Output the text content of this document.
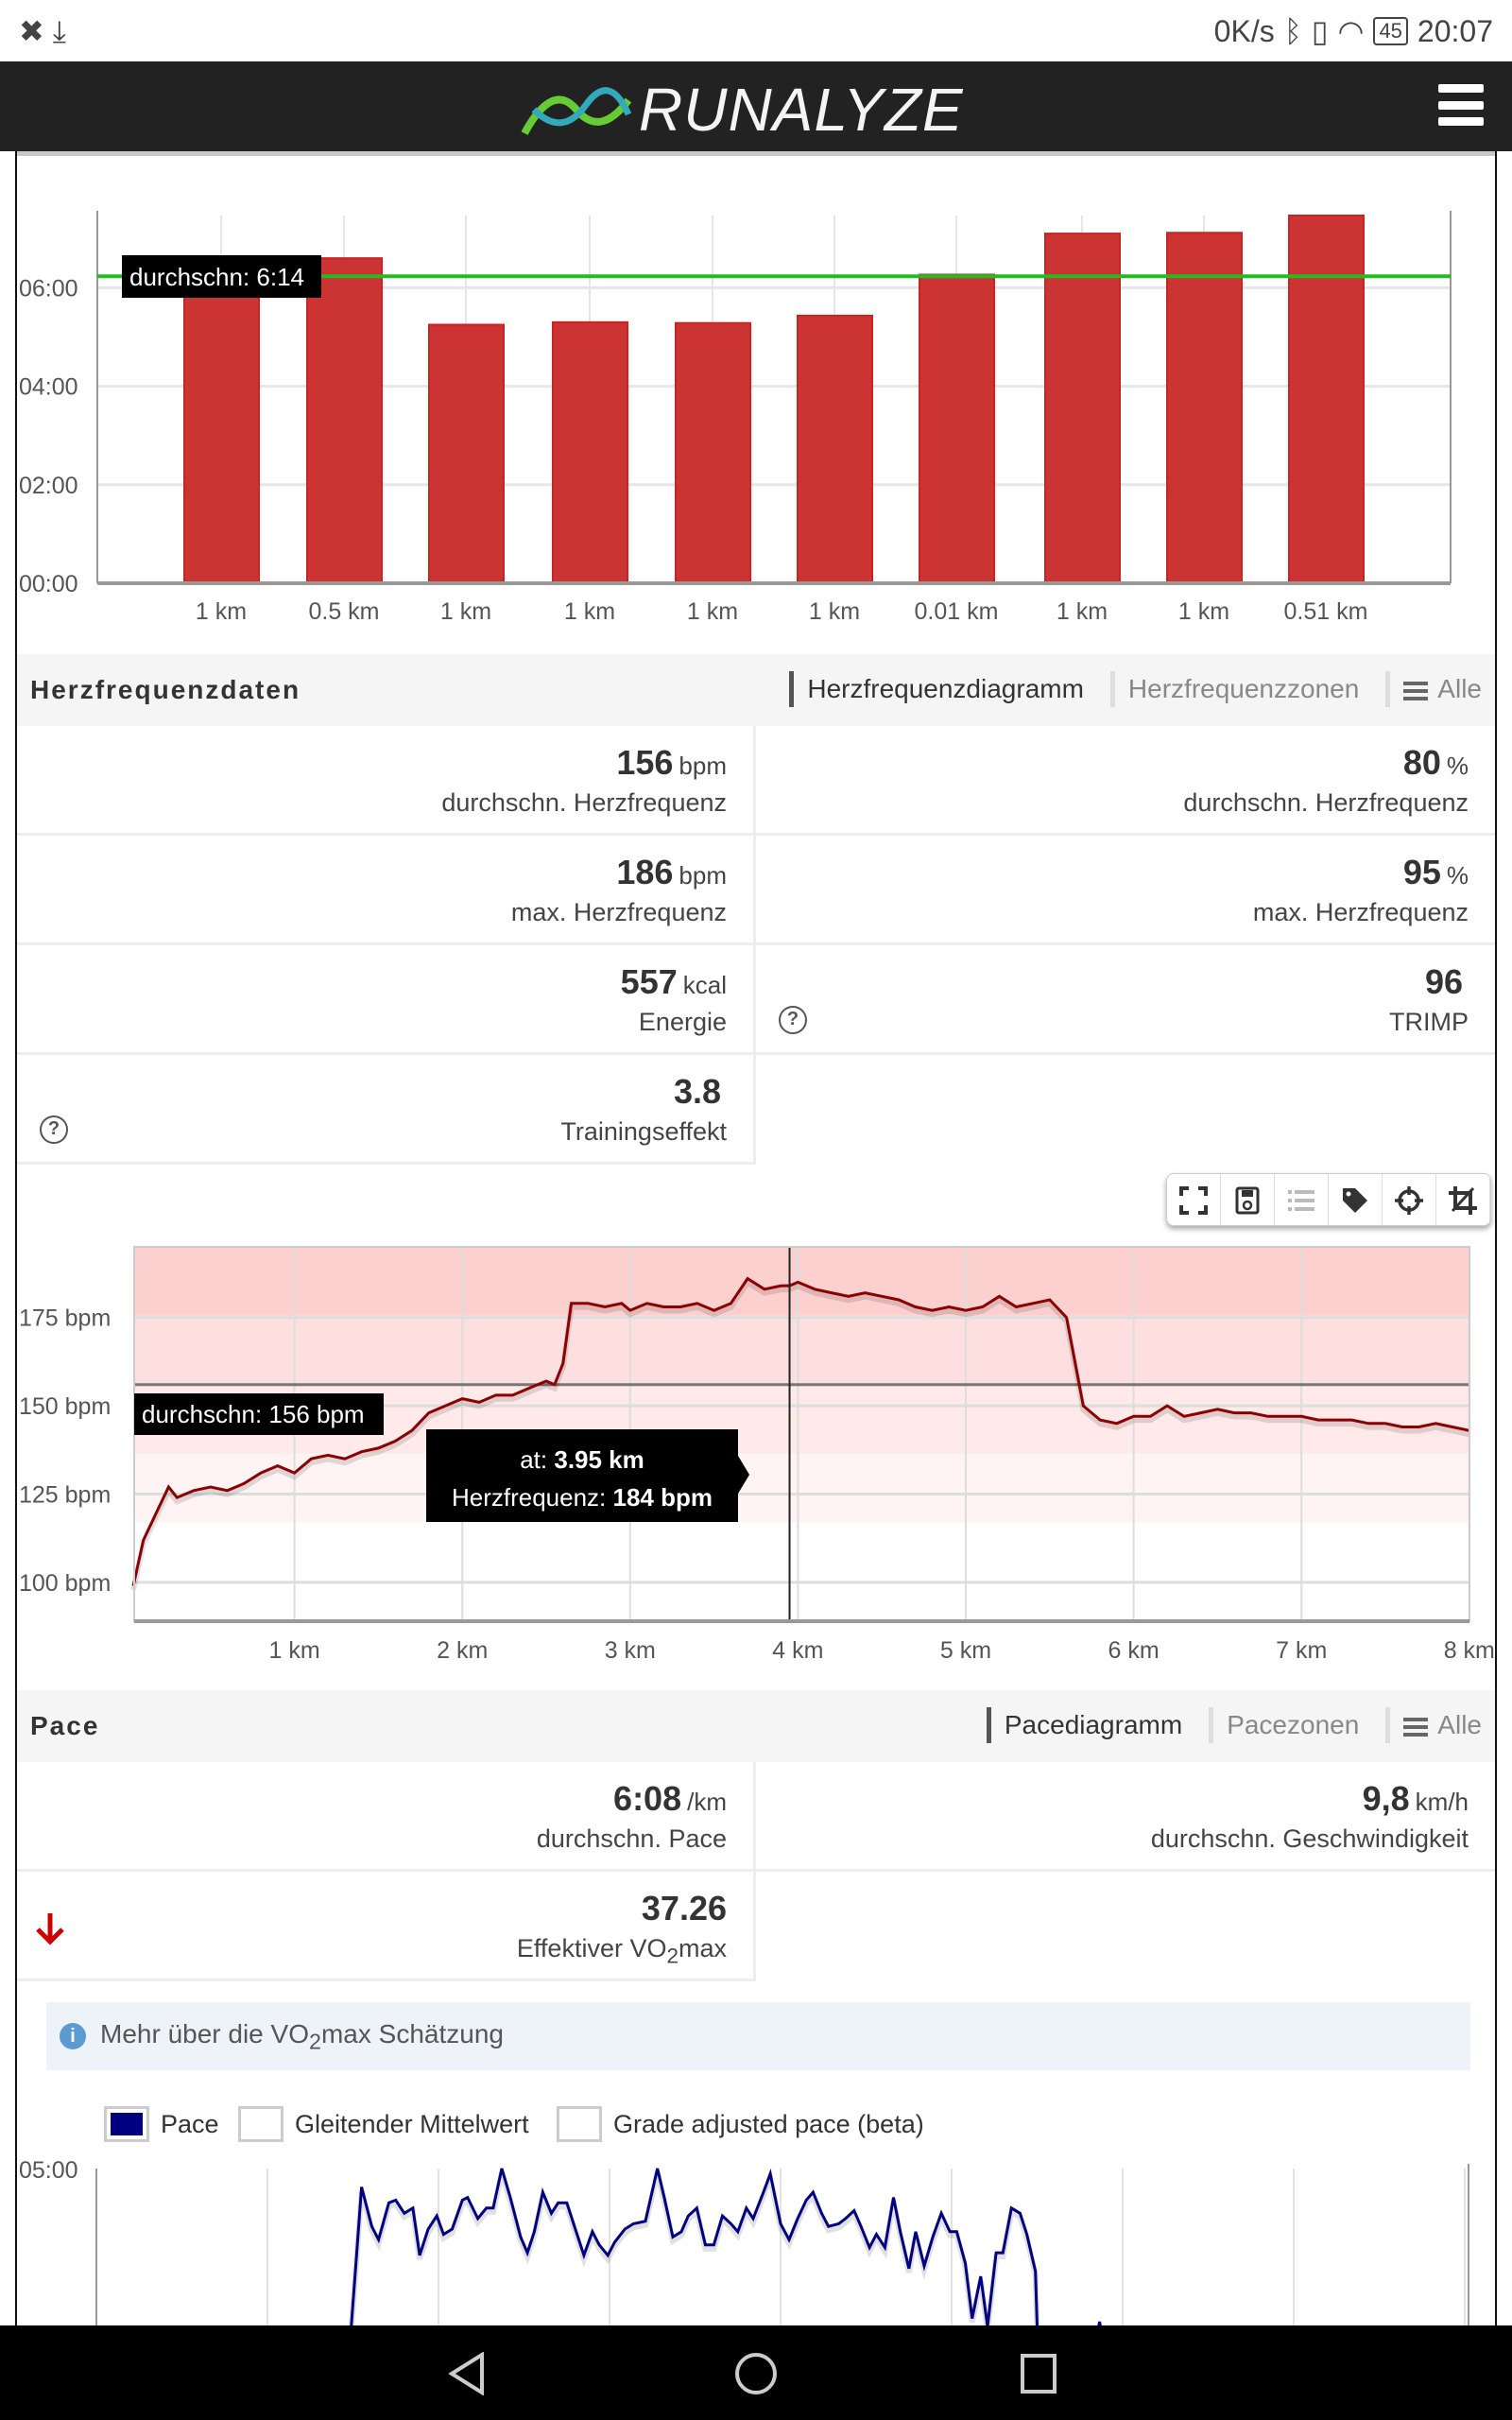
✖ ⤓	0K/s ᛒ ▯ ◠ 45 20:07
RUNALYZE
00:00
02:00
04:00
06:00
1 km	0.5 km	1 km	1 km	1 km	1 km 0.01 km 1 km	1 km 0.51 km
durchschn: 6:14
Herzfrequenzdaten	Herzfrequenzdiagramm	Herzfrequenzzonen	Alle
156 bpm
durchschn. Herzfrequenz
80 %
durchschn. Herzfrequenz
186 bpm
max. Herzfrequenz
95 %
max. Herzfrequenz
557 kcal
Energie	?
96
TRIMP
?
3.8
Trainingseffekt
1 km	2 km	3 km	4 km	5 km	6 km	7 km	8 km
100 bpm
125 bpm
150 bpm
175 bpm
durchschn: 156 bpm
at: 3.95 km
Herzfrequenz: 184 bpm
Pace	Pacediagramm	Pacezonen	Alle
6:08 /km
durchschn. Pace
9,8 km/h
durchschn. Geschwindigkeit
37.26
Effektiver $VO_2\max$
i Mehr über die $VO_2\max$ Schätzung
Pace	Gleitender Mittelwert	Grade adjusted pace (beta)
05:00
